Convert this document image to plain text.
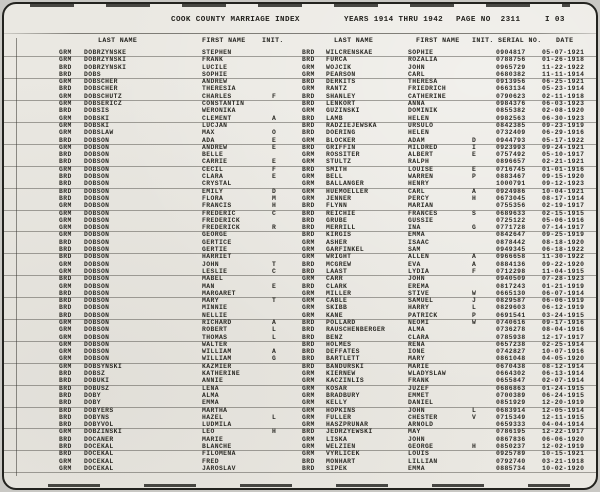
COOK COUNTY MARRIAGE INDEX	YEARS 1914 THRU 1942 PAGE NO  2311	I 03
LAST NAME	FIRST NAME	INIT.	LAST NAME	FIRST NAME	INIT. SERIAL NO.	DATE
GRM	DOBRZYNSKE	STEPHEN	BRD	WILCRENSKAE	SOPHIE	0904817	05-07-1921
GRM	DOBRZYNSKI	FRANK	BRD	FURCA	ROZALIA	0788756	01-26-1918
BRD	DOBRZYNSKI	LUCILE	GRM	WOJCIK	JOHN	0965729	11-22-1922
BRD	DOBS	SOPHIE	GRM	PEARSON	CARL	0680382	11-11-1914
GRM	DOBSCHER	ANDREW	BRD	DERKITS	THERESA	0913956	06-25-1921
BRD	DOBSCHER	THERESIA	GRM	RANTZ	FRIEDRICH	0663134	05-23-1914
GRM	DOBSCHUTZ	CHARLES	F	BRD	SHANLEY	CATHERINE	0790623	02-11-1918
GRM	DOBSERICZ	CONSTANTIN	BRD	LENKORT	ANNA	0984376	06-03-1923
BRD	DOBSIS	WERONIKA	GRM	GUZINSKI	DOMINIK	0855382	02-08-1920
GRM	DOBSKI	CLEMENT	A	BRD	LAMB	HELEN	0982563	06-30-1923
GRM	DOBSKI	LUCJAN	BRD	RADZIEJEWSKA	URSULO	0842385	09-23-1919
GRM	DOBSLAW	MAX	O	BRD	DOERING	HELEN	0732409	06-29-1916
BRD	DOBSON	ADA	E	GRM	BLOCKER	ADAM	D	0944793	05-17-1922
GRM	DOBSON	ANDREW	E	BRD	GRIFFIN	MILDRED	I	0923993	09-24-1921
BRD	DOBSON	BELLE	GRM	ROSSITER	ALBERT	E	0757492	05-10-1917
BRD	DOBSON	CARRIE	E	GRM	STULTZ	RALPH	0896657	02-21-1921
GRM	DOBSON	CECIL	F	BRD	SMITH	LOUISE	E	0716745	01-01-1916
BRD	DOBSON	CLARA	E	GRM	BELL	WARREN	P	0883467	09-15-1920
BRD	DOBSON	CRYSTAL	GRM	BALLANGER	HENRY	1000791	09-12-1923
BRD	DOBSON	EMILY	D	GRM	HUEMOELLER	CARL	A	0924986	10-04-1921
BRD	DOBSON	FLORA	M	GRM	JENNER	PERCY	H	0673045	08-17-1914
GRM	DOBSON	FRANCIS	H	BRD	FLYNN	MARIAN	0755356	02-19-1917
GRM	DOBSON	FREDERIC	C	BRD	REICHIE	FRANCES	S	0689633	02-15-1915
GRM	DOBSON	FREDERICK	BRD	GRUBE	GUSSIE	0725122	05-06-1916
GRM	DOBSON	FREDERICK	R	BRD	MERRILL	INA	G	0771728	07-14-1917
GRM	DOBSON	GEORGE	BRD	KIRGIS	EMMA	0842647	09-25-1919
BRD	DOBSON	GERTICE	GRM	ASHER	ISAAC	0878442	08-18-1920
BRD	DOBSON	GERTIE	GRM	GARFINKEL	SAM	0949345	06-18-1922
BRD	DOBSON	HARRIET	GRM	WRIGHT	ALLEN	A	0966658	11-30-1922
GRM	DOBSON	JOHN	T	BRD	MCGREW	EVA	A	0884136	09-22-1920
GRM	DOBSON	LESLIE	C	BRD	LAAST	LYDIA	F	0712298	11-04-1915
BRD	DOBSON	MABEL	GRM	CARR	JOHN	0940509	07-28-1923
GRM	DOBSON	MAN	E	BRD	CLARK	EREMA	0817243	01-21-1919
BRD	DOBSON	MARGARET	GRM	MILLER	STIVE	W	0665130	06-07-1914
BRD	DOBSON	MARY	T	GRM	CABLE	SAMUEL	J	0829587	06-06-1919
BRD	DOBSON	MINNIE	GRM	SKIBB	HARRY	L	0829603	06-12-1919
BRD	DOBSON	NELLIE	GRM	KANE	PATRICK	P	0691541	03-24-1915
GRM	DOBSON	RICHARD	A	BRD	POLLARD	NEOMI	W	0740616	09-17-1916
GRM	DOBSON	ROBERT	L	BRD	RAUSCHENBERGER	ALMA	0736278	08-04-1916
GRM	DOBSON	THOMAS	L	BRD	BENZ	CLARA	0785938	12-17-1917
GRM	DOBSON	WALTER	BRD	HOLMES	RENA	0657238	02-25-1914
GRM	DOBSON	WILLIAM	A	BRD	DEFFATES	IONE	0742827	10-07-1916
GRM	DOBSON	WILLIAM	G	BRD	BARTLETT	MARY	0861048	04-05-1920
GRM	DOBSYNSKI	KAZMIER	BRD	BANDURSKI	MARIE	0670438	08-12-1914
BRD	DOBSZ	KATHERINE	GRM	KIERNEW	WLADYSLAW	0664302	06-13-1914
BRD	DOBUKI	ANNIE	GRM	KACZINLIS	FRANK	0655847	02-07-1914
BRD	DOBUSZ	LENA	GRM	KOSAR	JUZEF	0686863	01-24-1915
BRD	DOBY	ALMA	GRM	BRADBURY	EMMET	0700389	06-24-1915
BRD	DOBY	EMMA	GRM	KELLY	DANIEL	0851929	12-20-1919
BRD	DOBYERS	MARTHA	GRM	HOPKINS	JOHN	L	0683914	12-05-1914
BRD	DOBYNS	HAZEL	L	GRM	FULLER	CHESTER	V	0715349	12-11-1915
BRD	DOBYVOL	LUDMILA	GRM	HASZPRUNAR	ARNOLD	0659333	04-04-1914
GRM	DOBZINSKI	LEO	H	BRD	JEDRZYEWSKI	MAY	0786195	12-22-1917
BRD	DOCANER	MARIE	GRM	LISKA	JOHN	0867836	06-06-1920
BRD	DOCEKAL	BLANCHE	GRM	WELZIEN	GEORGE	H	0850237	12-02-1919
BRD	DOCEKAL	FILOMENA	GRM	VYRLICEK	LOUIS	0925789	10-15-1921
GRM	DOCEKAL	FRED	BRD	MONHART	LILLIAN	0792740	03-21-1918
GRM	DOCEKAL	JAROSLAV	BRD	SIPEK	EMMA	0885734	10-02-1920
